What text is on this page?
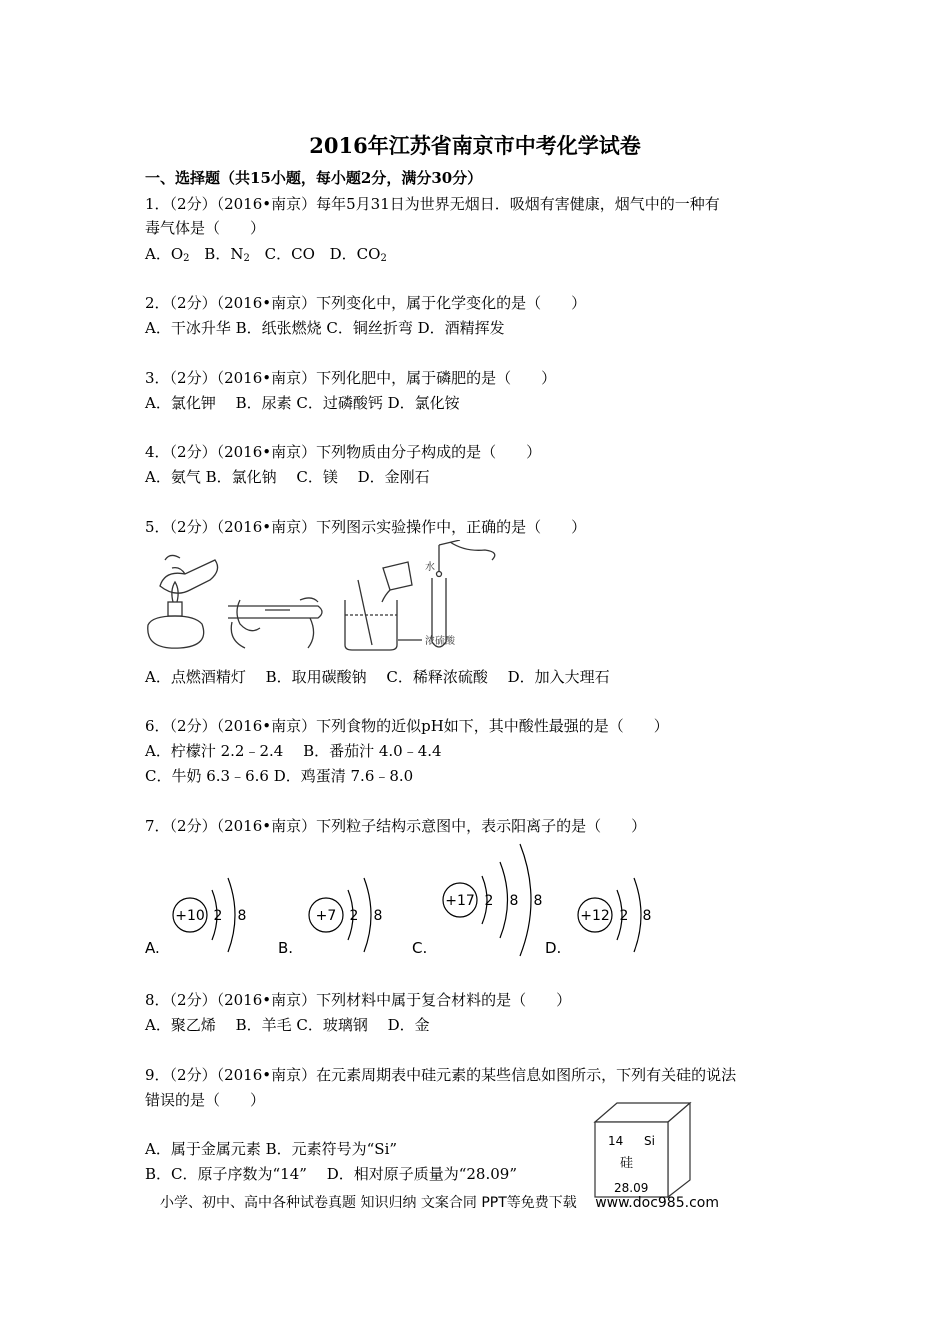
2016年江苏省南京市中考化学试卷
一、选择题（共15小题，每小题2分，满分30分）
1．（2分）（2016•南京）每年5月31日为世界无烟日．吸烟有害健康，烟气中的一种有
毒气体是（　　）
A．$O_2$ B．$N_2$ C．CO D．$CO_2$
2．（2分）（2016•南京）下列变化中，属于化学变化的是（　　）
A．干冰升华 B．纸张燃烧 C．铜丝折弯 D．酒精挥发
3．（2分）（2016•南京）下列化肥中，属于磷肥的是（　　）
A．氯化钾　 B．尿素 C．过磷酸钙 D．氯化铵
4．（2分）（2016•南京）下列物质由分子构成的是（　　）
A．氨气 B．氯化钠　 C．镁　 D．金刚石
5．（2分）（2016•南京）下列图示实验操作中，正确的是（　　）
水
浓硫酸
A．点燃酒精灯　 B．取用碳酸钠　 C．稀释浓硫酸　 D．加入大理石
6．（2分）（2016•南京）下列食物的近似pH如下，其中酸性最强的是（　　）
A．柠檬汁 2.2﹣2.4　 B．番茄汁 4.0﹣4.4
C．牛奶 6.3﹣6.6 D．鸡蛋清 7.6﹣8.0
7．（2分）（2016•南京）下列粒子结构示意图中，表示阳离子的是（　　）
A.
+10 2 8
B.
+7 2 8
C.
+17 2 8 8
D.
+12 2 8
8．（2分）（2016•南京）下列材料中属于复合材料的是（　　）
A．聚乙烯　 B．羊毛 C．玻璃钢　 D．金
9．（2分）（2016•南京）在元素周期表中硅元素的某些信息如图所示，下列有关硅的说法
错误的是（　　）
A．属于金属元素 B．元素符号为“Si”
B．C．原子序数为“14”　 D．相对原子质量为“28.09”
14 Si
硅
28.09
小学、初中、高中各种试卷真题 知识归纳 文案合同 PPT等免费下载　 www.doc985.com
